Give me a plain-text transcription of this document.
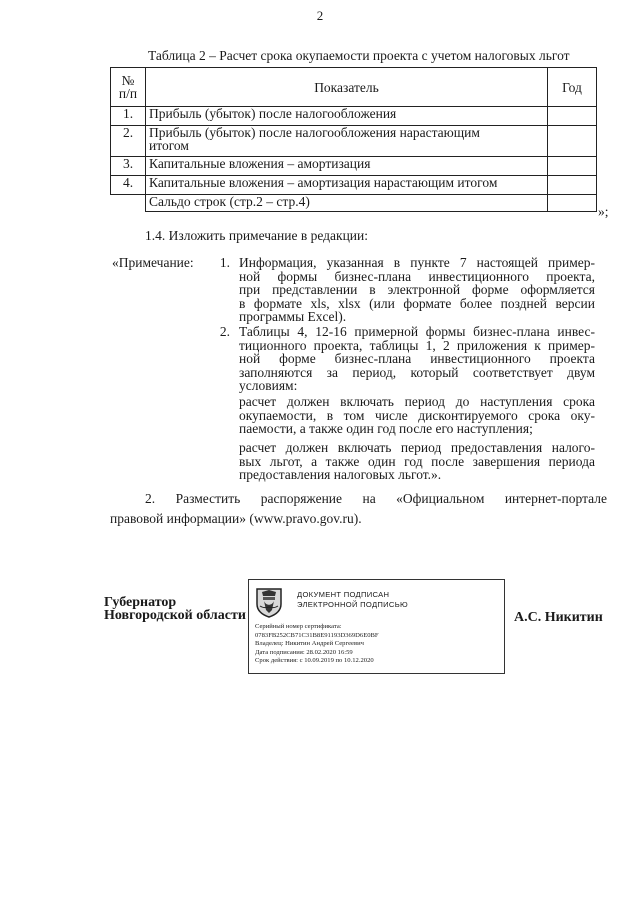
2
Таблица 2 – Расчет срока окупаемости проекта с учетом налоговых льгот
№
п/п	Показатель	Год
1.	Прибыль (убыток) после налогообложения	
2.	Прибыль (убыток) после налогообложения нарастающим
итогом	
3.	Капитальные вложения – амортизация	
4.	Капитальные вложения – амортизация нарастающим итогом	
	Сальдо строк (стр.2 – стр.4)	
»;
1.4. Изложить примечание в редакции:
«Примечание:	1.
2.
Информация, указанная в пункте 7 настоящей пример-
ной формы бизнес-плана инвестиционного проекта,
при представлении в электронной форме оформляется
в формате xls, xlsx (или формате более поздней версии
программы Excel).
Таблицы 4, 12-16 примерной формы бизнес-плана инвес-
тиционного проекта, таблицы 1, 2 приложения к пример-
ной форме бизнес-плана инвестиционного проекта
заполняются за период, который соответствует двум
условиям:
расчет должен включать период до наступления срока
окупаемости, в том числе дисконтируемого срока оку-
паемости, а также один год после его наступления;
расчет должен включать период предоставления налого-
вых льгот, а также один год после завершения периода
предоставления налоговых льгот.».
2. Разместить распоряжение на «Официальном интернет-портале
правовой информации» (www.pravo.gov.ru).
Губернатор
Новгородской области
ДОКУМЕНТ ПОДПИСАН
ЭЛЕКТРОННОЙ ПОДПИСЬЮ
Серийный номер сертификата:
0783FB252CB71C31B8E91193D369D6E0BF
Владелец: Никитин Андрей Сергеевич
Дата подписания: 28.02.2020 16:59
Срок действия: с 10.09.2019 по 10.12.2020
А.С. Никитин
